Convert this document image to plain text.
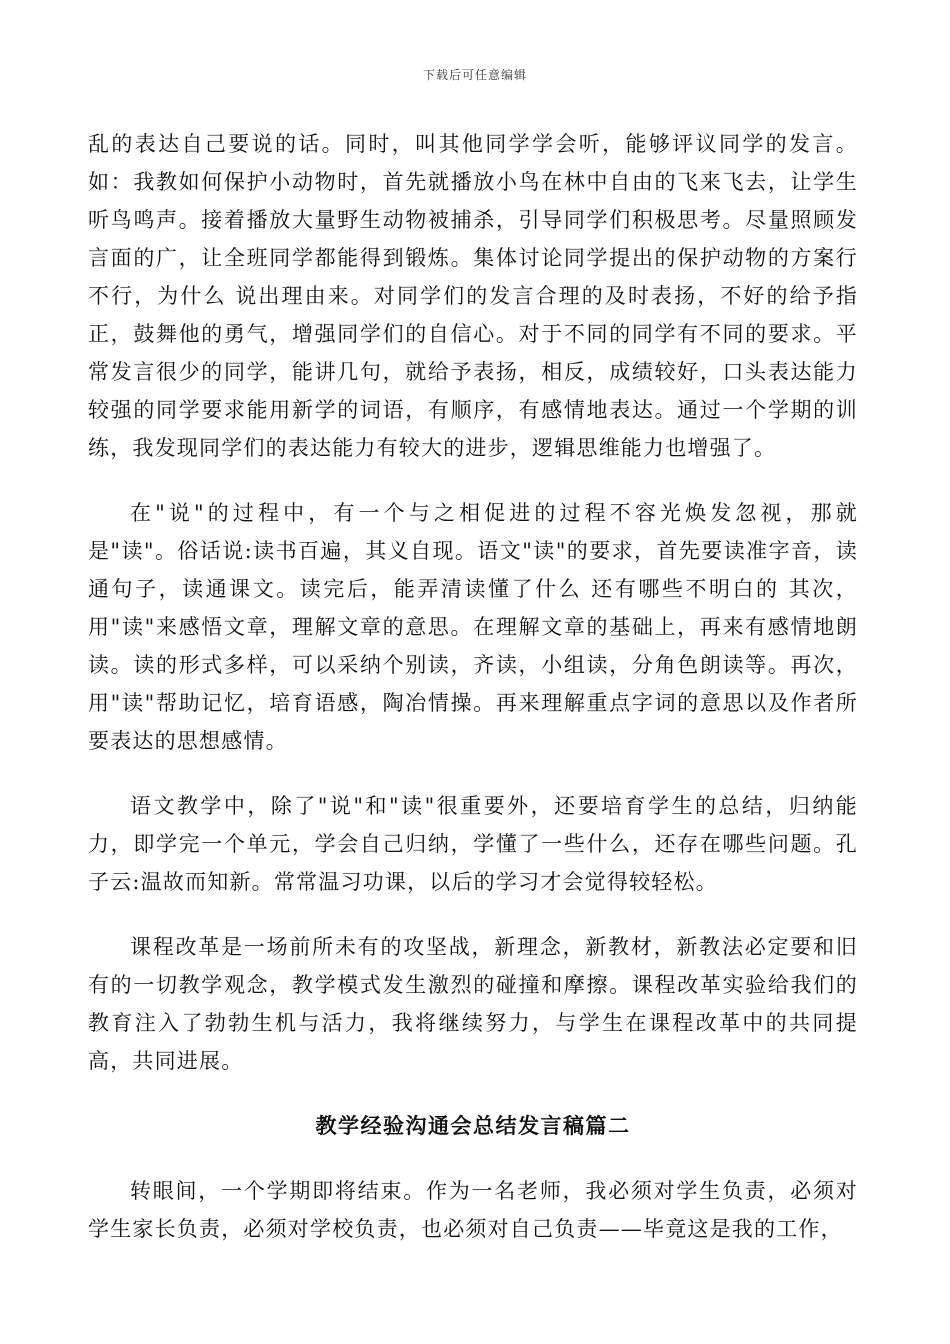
下载后可任意编辑

乱的表达自己要说的话。同时，叫其他同学学会听，能够评议同学的发言。如：我教如何保护小动物时，首先就播放小鸟在林中自由的飞来飞去，让学生听鸟鸣声。接着播放大量野生动物被捕杀，引导同学们积极思考。尽量照顾发言面的广，让全班同学都能得到锻炼。集体讨论同学提出的保护动物的方案行不行，为什么 说出理由来。对同学们的发言合理的及时表扬，不好的给予指正，鼓舞他的勇气，增强同学们的自信心。对于不同的同学有不同的要求。平常发言很少的同学，能讲几句，就给予表扬，相反，成绩较好，口头表达能力较强的同学要求能用新学的词语，有顺序，有感情地表达。通过一个学期的训练，我发现同学们的表达能力有较大的进步，逻辑思维能力也增强了。

在"说"的过程中，有一个与之相促进的过程不容光焕发忽视，那就是"读"。俗话说:读书百遍，其义自现。语文"读"的要求，首先要读准字音，读通句子，读通课文。读完后，能弄清读懂了什么 还有哪些不明白的 其次，用"读"来感悟文章，理解文章的意思。在理解文章的基础上，再来有感情地朗读。读的形式多样，可以采纳个别读，齐读，小组读，分角色朗读等。再次，用"读"帮助记忆，培育语感，陶冶情操。再来理解重点字词的意思以及作者所要表达的思想感情。

语文教学中，除了"说"和"读"很重要外，还要培育学生的总结，归纳能力，即学完一个单元，学会自己归纳，学懂了一些什么，还存在哪些问题。孔子云:温故而知新。常常温习功课，以后的学习才会觉得较轻松。

课程改革是一场前所未有的攻坚战，新理念，新教材，新教法必定要和旧有的一切教学观念，教学模式发生激烈的碰撞和摩擦。课程改革实验给我们的教育注入了勃勃生机与活力，我将继续努力，与学生在课程改革中的共同提高，共同进展。

教学经验沟通会总结发言稿篇二

转眼间，一个学期即将结束。作为一名老师，我必须对学生负责，必须对学生家长负责，必须对学校负责，也必须对自己负责——毕竟这是我的工作，
